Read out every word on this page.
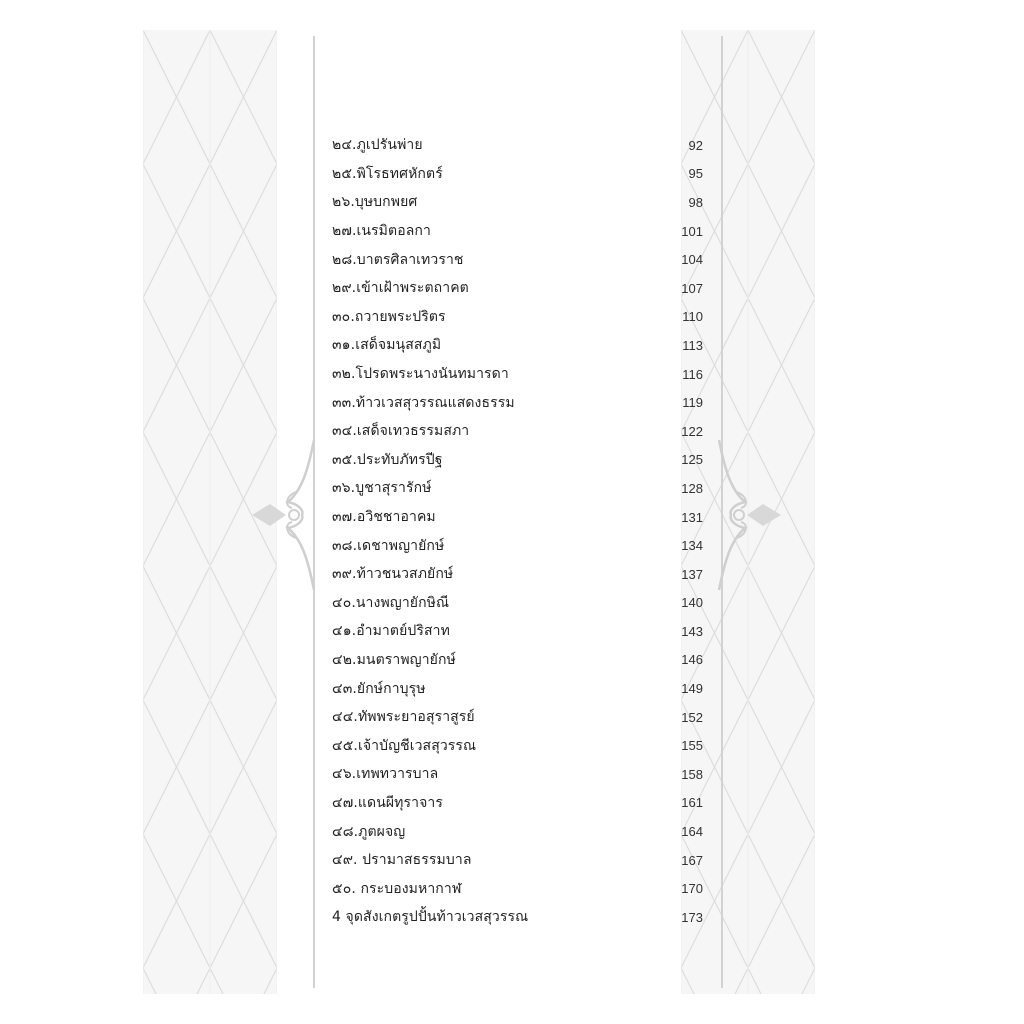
๒๔.ภูเปรันพ่าย	92
๒๕.พิโรธทศหักตร์	95
๒๖.บุษบกพยศ	98
๒๗.เนรมิตอลกา	101
๒๘.บาตรศิลาเทวราช	104
๒๙.เข้าเฝ้าพระตถาคต	107
๓๐.ถวายพระปริตร	110
๓๑.เสด็จมนุสสภูมิ	113
๓๒.โปรดพระนางนันทมารดา	116
๓๓.ท้าวเวสสุวรรณแสดงธรรม	119
๓๔.เสด็จเทวธรรมสภา	122
๓๕.ประทับภัทรปีฐ	125
๓๖.บูชาสุรารักษ์	128
๓๗.อวิชชาอาคม	131
๓๘.เดชาพญายักษ์	134
๓๙.ท้าวชนวสภยักษ์	137
๔๐.นางพญายักษิณี	140
๔๑.อำมาตย์ปริสาท	143
๔๒.มนตราพญายักษ์	146
๔๓.ยักษ์กาบุรุษ	149
๔๔.ทัพพระยาอสุราสูรย์	152
๔๕.เจ้าบัญชีเวสสุวรรณ	155
๔๖.เทพทวารบาล	158
๔๗.แดนผีทุราจาร	161
๔๘.ภูตผจญ	164
๔๙. ปรามาสธรรมบาล	167
๕๐. กระบองมหากาฬ	170
4 จุดสังเกตรูปปั้นท้าวเวสสุวรรณ	173
